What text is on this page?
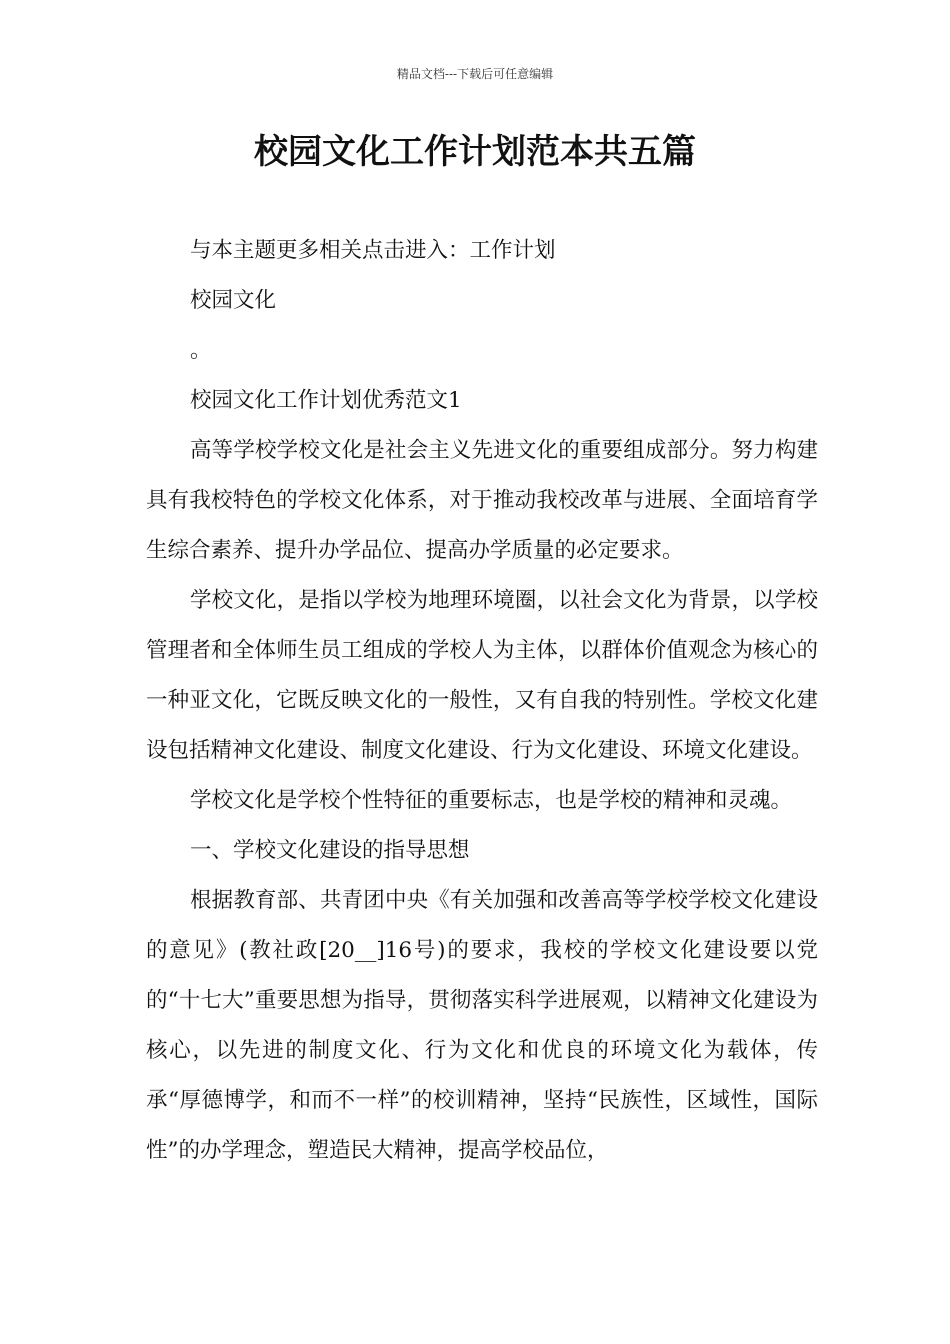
精品文档---下载后可任意编辑
校园文化工作计划范本共五篇

与本主题更多相关点击进入：工作计划

校园文化

。

校园文化工作计划优秀范文1

高等学校学校文化是社会主义先进文化的重要组成部分。努力构建具有我校特色的学校文化体系，对于推动我校改革与进展、全面培育学生综合素养、提升办学品位、提高办学质量的必定要求。

学校文化，是指以学校为地理环境圈，以社会文化为背景，以学校管理者和全体师生员工组成的学校人为主体，以群体价值观念为核心的一种亚文化，它既反映文化的一般性，又有自我的特别性。学校文化建设包括精神文化建设、制度文化建设、行为文化建设、环境文化建设。

学校文化是学校个性特征的重要标志，也是学校的精神和灵魂。

一、学校文化建设的指导思想

根据教育部、共青团中央《有关加强和改善高等学校学校文化建设的意见》(教社政[20__]16号)的要求，我校的学校文化建设要以党的“十七大”重要思想为指导，贯彻落实科学进展观，以精神文化建设为核心，以先进的制度文化、行为文化和优良的环境文化为载体，传承“厚德博学，和而不一样”的校训精神，坚持“民族性，区域性，国际性”的办学理念，塑造民大精神，提高学校品位，
